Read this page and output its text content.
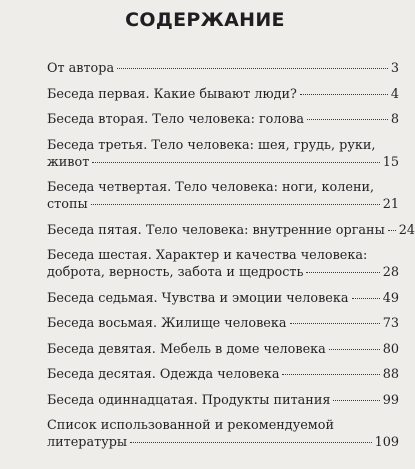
СОДЕРЖАНИЕ
От автора	3
Беседа первая. Какие бывают люди?	4
Беседа вторая. Тело человека: голова	8
Беседа третья. Тело человека: шея, грудь, руки,
живот	15
Беседа четвертая. Тело человека: ноги, колени,
стопы	21
Беседа пятая. Тело человека: внутренние органы 24
Беседа шестая. Характер и качества человека:
доброта, верность, забота и щедрость	28
Беседа седьмая. Чувства и эмоции человека	49
Беседа восьмая. Жилище человека	73
Беседа девятая. Мебель в доме человека	80
Беседа десятая. Одежда человека	88
Беседа одиннадцатая. Продукты питания	99
Список использованной и рекомендуемой
литературы	109
